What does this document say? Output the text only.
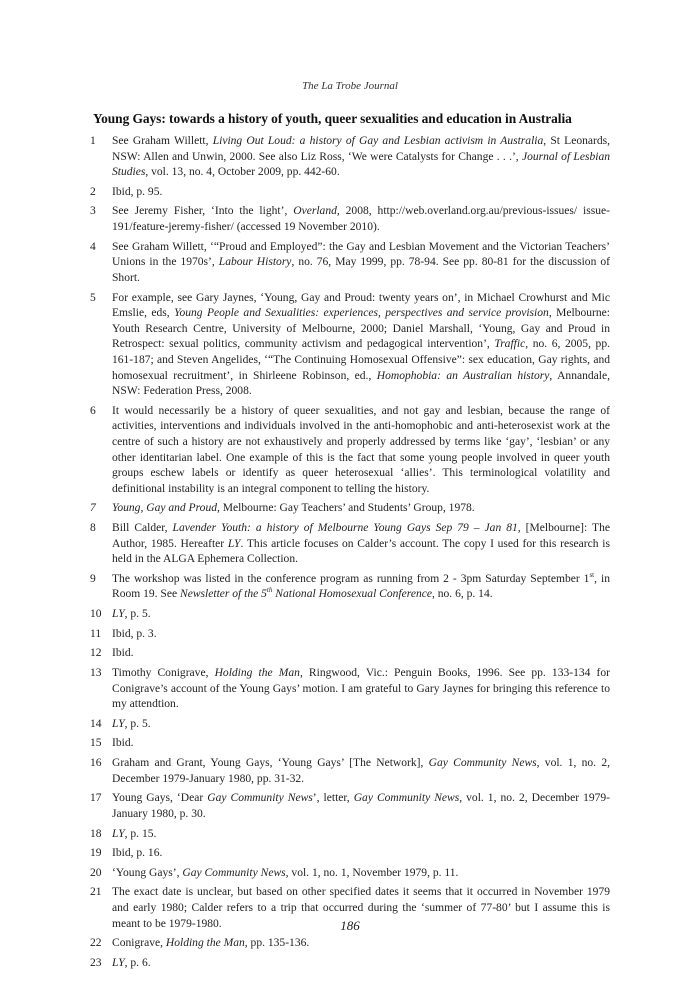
The La Trobe Journal
Young Gays: towards a history of youth, queer sexualities and education in Australia
1	See Graham Willett, Living Out Loud: a history of Gay and Lesbian activism in Australia, St Leonards, NSW: Allen and Unwin, 2000. See also Liz Ross, ‘We were Catalysts for Change . . .’, Journal of Lesbian Studies, vol. 13, no. 4, October 2009, pp. 442-60.
2	Ibid, p. 95.
3	See Jeremy Fisher, ‘Into the light’, Overland, 2008, http://web.overland.org.au/previous-issues/ issue-191/feature-jeremy-fisher/ (accessed 19 November 2010).
4	See Graham Willett, ‘“Proud and Employed”: the Gay and Lesbian Movement and the Victorian Teachers’ Unions in the 1970s’, Labour History, no. 76, May 1999, pp. 78-94. See pp. 80-81 for the discussion of Short.
5	For example, see Gary Jaynes, ‘Young, Gay and Proud: twenty years on’, in Michael Crowhurst and Mic Emslie, eds, Young People and Sexualities: experiences, perspectives and service provision, Melbourne: Youth Research Centre, University of Melbourne, 2000; Daniel Marshall, ‘Young, Gay and Proud in Retrospect: sexual politics, community activism and pedagogical intervention’, Traffic, no. 6, 2005, pp. 161-187; and Steven Angelides, ‘“The Continuing Homosexual Offensive”: sex education, Gay rights, and homosexual recruitment’, in Shirleene Robinson, ed., Homophobia: an Australian history, Annandale, NSW: Federation Press, 2008.
6	It would necessarily be a history of queer sexualities, and not gay and lesbian, because the range of activities, interventions and individuals involved in the anti-homophobic and anti-heterosexist work at the centre of such a history are not exhaustively and properly addressed by terms like ‘gay’, ‘lesbian’ or any other identitarian label. One example of this is the fact that some young people involved in queer youth groups eschew labels or identify as queer heterosexual ‘allies’. This terminological volatility and definitional instability is an integral component to telling the history.
7	Young, Gay and Proud, Melbourne: Gay Teachers’ and Students’ Group, 1978.
8	Bill Calder, Lavender Youth: a history of Melbourne Young Gays Sep 79 – Jan 81, [Melbourne]: The Author, 1985. Hereafter LY. This article focuses on Calder’s account. The copy I used for this research is held in the ALGA Ephemera Collection.
9	The workshop was listed in the conference program as running from 2 - 3pm Saturday September 1st, in Room 19. See Newsletter of the 5th National Homosexual Conference, no. 6, p. 14.
10 LY, p. 5.
11 Ibid, p. 3.
12 Ibid.
13 Timothy Conigrave, Holding the Man, Ringwood, Vic.: Penguin Books, 1996. See pp. 133-134 for Conigrave’s account of the Young Gays’ motion. I am grateful to Gary Jaynes for bringing this reference to my attendtion.
14 LY, p. 5.
15 Ibid.
16 Graham and Grant, Young Gays, ‘Young Gays’ [The Network], Gay Community News, vol. 1, no. 2, December 1979-January 1980, pp. 31-32.
17 Young Gays, ‘Dear Gay Community News’, letter, Gay Community News, vol. 1, no. 2, December 1979-January 1980, p. 30.
18 LY, p. 15.
19 Ibid, p. 16.
20 ‘Young Gays’, Gay Community News, vol. 1, no. 1, November 1979, p. 11.
21 The exact date is unclear, but based on other specified dates it seems that it occurred in November 1979 and early 1980; Calder refers to a trip that occurred during the ‘summer of 77-80’ but I assume this is meant to be 1979-1980.
22 Conigrave, Holding the Man, pp. 135-136.
23 LY, p. 6.
186
